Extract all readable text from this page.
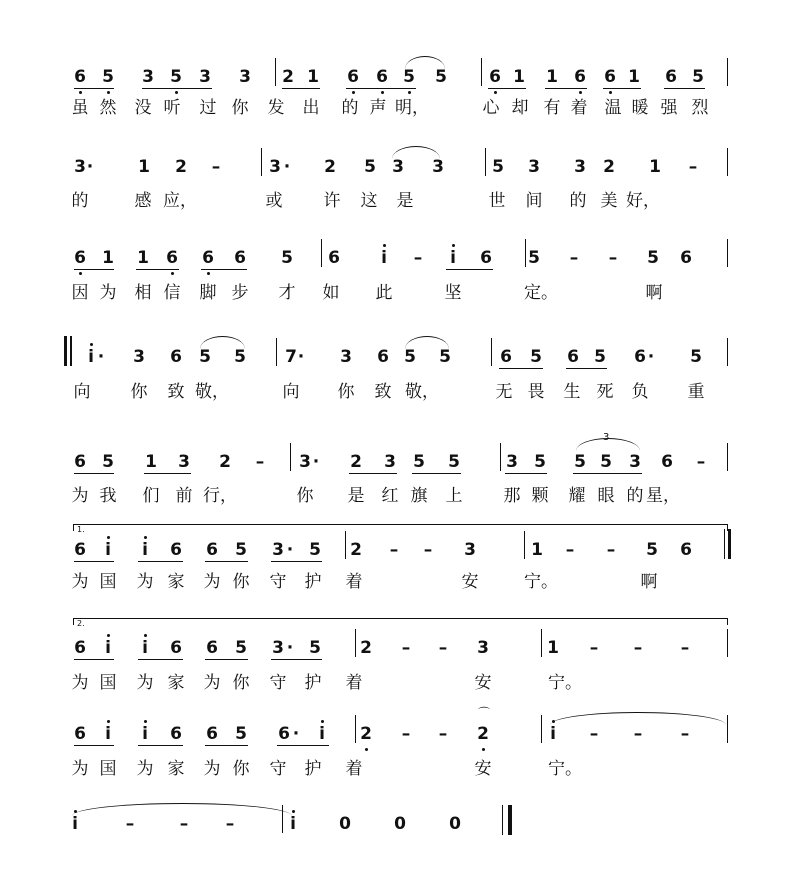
6 5 3 5 3 3 2 1 6 6 5 5 6 1 1 6 6 1 6 5
虽 然 没 听 过 你 发 出 的 声 明，	心 却 有 着 温 暖 强 烈
3 ·	1 2 –	3 · 2 5 3 3	5 3 3 2 1 –
的	感 应，	或 许 这 是	世 间 的 美 好，
6 1 1 6 6 6 5 6 i – i 6 5 – – 5 6
因 为 相 信 脚 步 才 如 此	坚	定。	啊
i · 3 6 5 5 7 · 3 6 5 5	6 5 6 5 6 · 5
向 你 致 敬，	向 你 致 敬，	无 畏 生 死 负 重
6 5 1 3 2 – 3 · 2 3 5 5	3 5 5 5 3 6 –
为 我 们 前 行，	你 是 红 旗 上 那 颗 耀 眼 的 星，
6 i i 6 6 5 3 · 5 2 – – 3	1 – – 5 6
为 国 为 家 为 你 守 护 着	安	宁。	啊
6 i i 6 6 5 3 · 5 2 – – 3	1 – – –
为 国 为 家 为 你 守 护 着	安	宁。
6 i i 6 6 5 6 · i 2 – – 2	i – – –
为 国 为 家 为 你 守 护 着	安	宁。
i	–	– –	i	0	0	0
1.
2.
3
⌒
